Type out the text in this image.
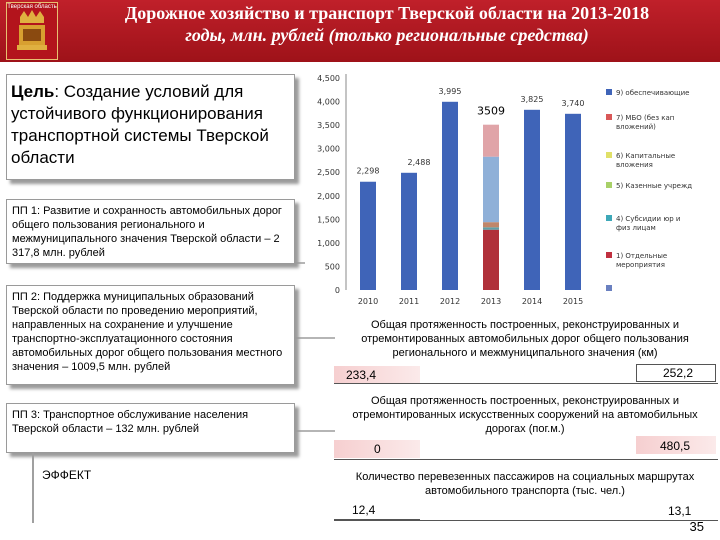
Тверская область	Дорожное хозяйство и транспорт Тверской области на 2013-2018
годы, млн. рублей (только региональные средства)
Цель: Создание условий для устойчивого функционирования транспортной системы Тверской области
ПП 1: Развитие и сохранность автомобильных дорог общего пользования регионального и межмуниципального значения Тверской области – 2 317,8 млн. рублей
ПП 2: Поддержка муниципальных образований Тверской области по проведению мероприятий, направленных на сохранение и улучшение транспортно-эксплуатационного состояния автомобильных дорог общего пользования местного значения – 1009,5 млн. рублей
ПП 3: Транспортное обслуживание населения Тверской области – 132 млн. рублей
ЭФФЕКТ
0
500
1,000
1,500
2,000
2,500
3,000
3,500
4,000
4,500
2,298
2,488
3,995
3509
3,825 3,740
2010	2011	2012	2013	2014	2015
9) обеспечивающие
7) МБО (без кап
вложений)
6) Капитальные
вложения
5) Казенные учрежд
4) Субсидии юр и
физ лицам
1) Отдельные
мероприятия
Общая протяженность построенных, реконструированных и отремонтированных автомобильных дорог общего пользования регионального и межмуниципального значения (км)
233,4	252,2
Общая протяженность построенных, реконструированных и отремонтированных искусственных сооружений на автомобильных дорогах (пог.м.)
0	480,5
Количество перевезенных пассажиров на социальных маршрутах автомобильного транспорта (тыс. чел.)
12,4	13,1
35
